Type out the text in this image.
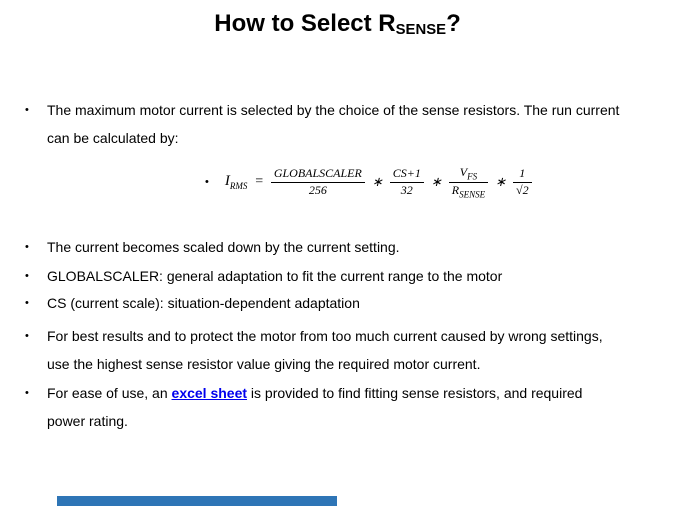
How to Select RSENSE?
• The maximum motor current is selected by the choice of the sense resistors. The run current
can be calculated by:
• $I_{RMS} = \frac{\text{GLOBALSCALER}}{256}$ ∗ $\frac{CS+1}{32}$ ∗ $\frac{V_{FS}}{R_{SENSE}}$ ∗ $\frac{1}{√2}$
• The current becomes scaled down by the current setting.
• GLOBALSCALER: general adaptation to fit the current range to the motor
• CS (current scale): situation-dependent adaptation
• For best results and to protect the motor from too much current caused by wrong settings,
use the highest sense resistor value giving the required motor current.
• For ease of use, an excel sheet is provided to find fitting sense resistors, and required
power rating.
